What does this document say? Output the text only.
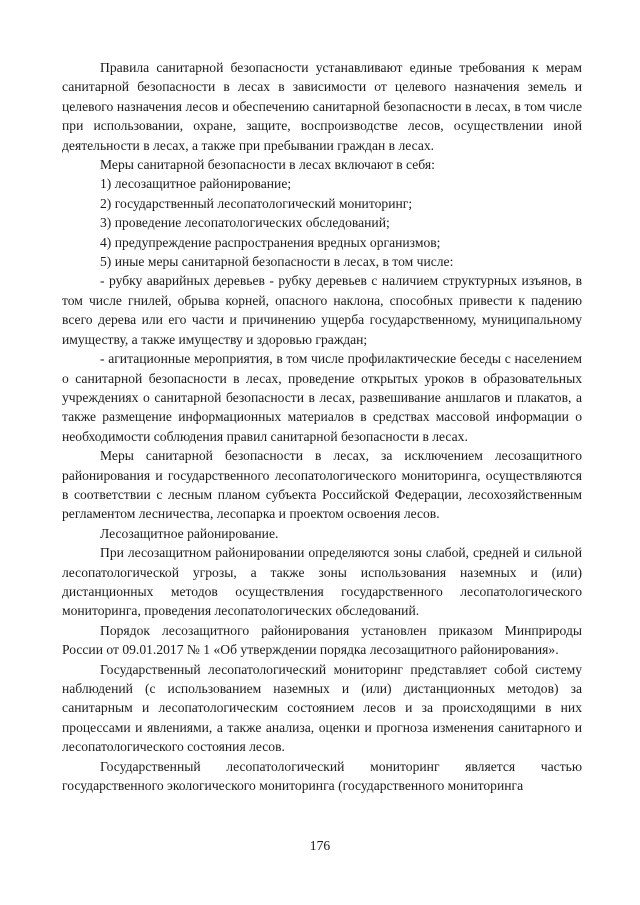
Правила санитарной безопасности устанавливают единые требования к мерам санитарной безопасности в лесах в зависимости от целевого назначения земель и целевого назначения лесов и обеспечению санитарной безопасности в лесах, в том числе при использовании, охране, защите, воспроизводстве лесов, осуществлении иной деятельности в лесах, а также при пребывании граждан в лесах.

Меры санитарной безопасности в лесах включают в себя:

1) лесозащитное районирование;

2) государственный лесопатологический мониторинг;

3) проведение лесопатологических обследований;

4) предупреждение распространения вредных организмов;

5) иные меры санитарной безопасности в лесах, в том числе:

- рубку аварийных деревьев - рубку деревьев с наличием структурных изъянов, в том числе гнилей, обрыва корней, опасного наклона, способных привести к падению всего дерева или его части и причинению ущерба государственному, муниципальному имуществу, а также имуществу и здоровью граждан;

- агитационные мероприятия, в том числе профилактические беседы с населением о санитарной безопасности в лесах, проведение открытых уроков в образовательных учреждениях о санитарной безопасности в лесах, развешивание аншлагов и плакатов, а также размещение информационных материалов в средствах массовой информации о необходимости соблюдения правил санитарной безопасности в лесах.

Меры санитарной безопасности в лесах, за исключением лесозащитного районирования и государственного лесопатологического мониторинга, осуществляются в соответствии с лесным планом субъекта Российской Федерации, лесохозяйственным регламентом лесничества, лесопарка и проектом освоения лесов.

Лесозащитное районирование.

При лесозащитном районировании определяются зоны слабой, средней и сильной лесопатологической угрозы, а также зоны использования наземных и (или) дистанционных методов осуществления государственного лесопатологического мониторинга, проведения лесопатологических обследований.

Порядок лесозащитного районирования установлен приказом Минприроды России от 09.01.2017 № 1 «Об утверждении порядка лесозащитного районирования».

Государственный лесопатологический мониторинг представляет собой систему наблюдений (с использованием наземных и (или) дистанционных методов) за санитарным и лесопатологическим состоянием лесов и за происходящими в них процессами и явлениями, а также анализа, оценки и прогноза изменения санитарного и лесопатологического состояния лесов.

Государственный лесопатологический мониторинг является частью государственного экологического мониторинга (государственного мониторинга

176
